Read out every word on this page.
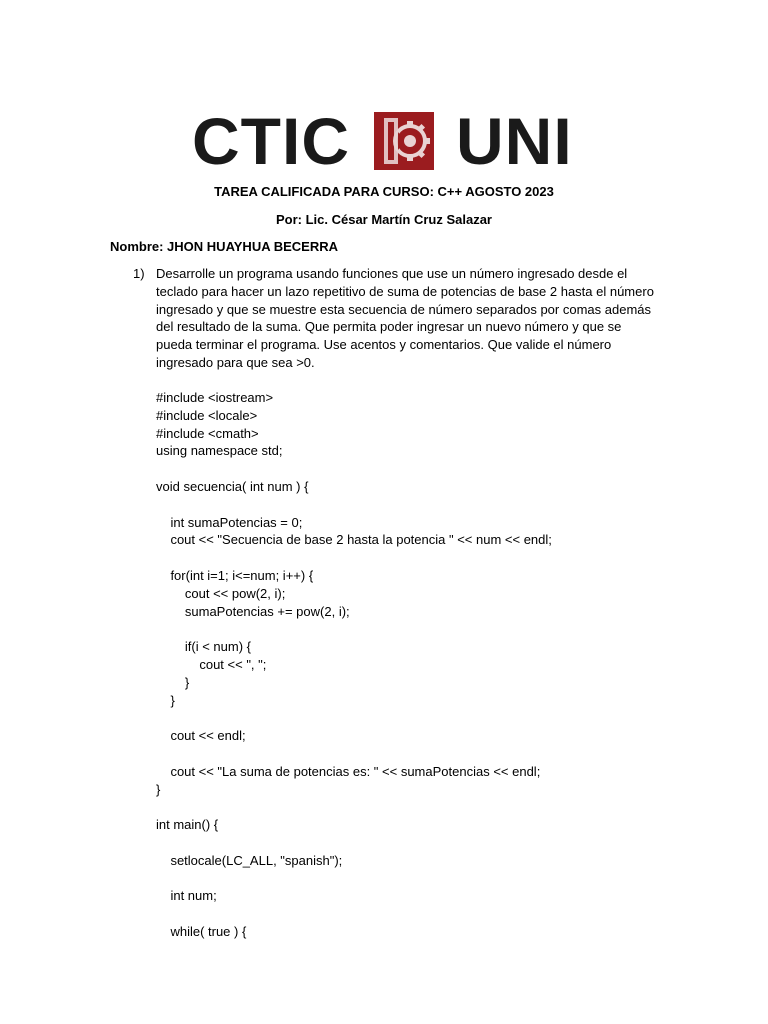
CTIC UNI
TAREA CALIFICADA PARA CURSO: C++ AGOSTO 2023
Por: Lic. César Martín Cruz Salazar
Nombre: JHON HUAYHUA BECERRA
1) Desarrolle un programa usando funciones que use un número ingresado desde el
teclado para hacer un lazo repetitivo de suma de potencias de base 2 hasta el número
ingresado y que se muestre esta secuencia de número separados por comas además
del resultado de la suma. Que permita poder ingresar un nuevo número y que se
pueda terminar el programa. Use acentos y comentarios. Que valide el número
ingresado para que sea >0.
#include <iostream>
#include <locale>
#include <cmath>
using namespace std;
void secuencia( int num ) {
int sumaPotencias = 0;
cout << "Secuencia de base 2 hasta la potencia " << num << endl;
for(int i=1; i<=num; i++) {
cout << pow(2, i);
sumaPotencias += pow(2, i);
if(i < num) {
cout << ", ";
}
}
cout << endl;
cout << "La suma de potencias es: " << sumaPotencias << endl;
}
int main() {
setlocale(LC_ALL, "spanish");
int num;
while( true ) {
